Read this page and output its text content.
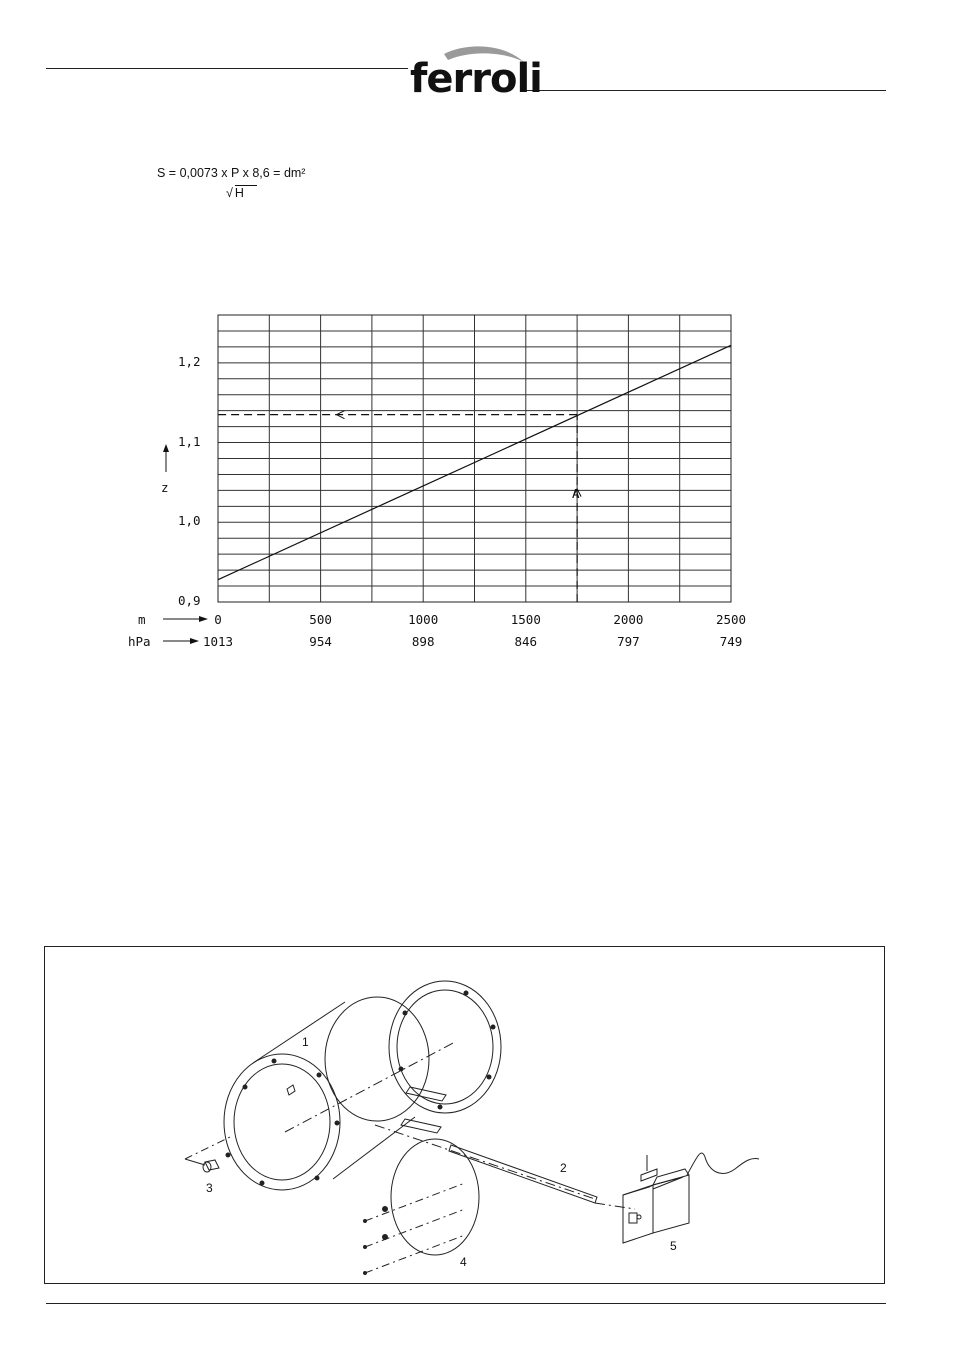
ferroli
S = 0,0073 x P x 8,6 = dm²
√ H
m
hPa
z	A
0
1013
500
954
1000
898
1500
846
2000
797
2500
749
0,9
1,0
1,1
1,2
1
2
3
4
5
